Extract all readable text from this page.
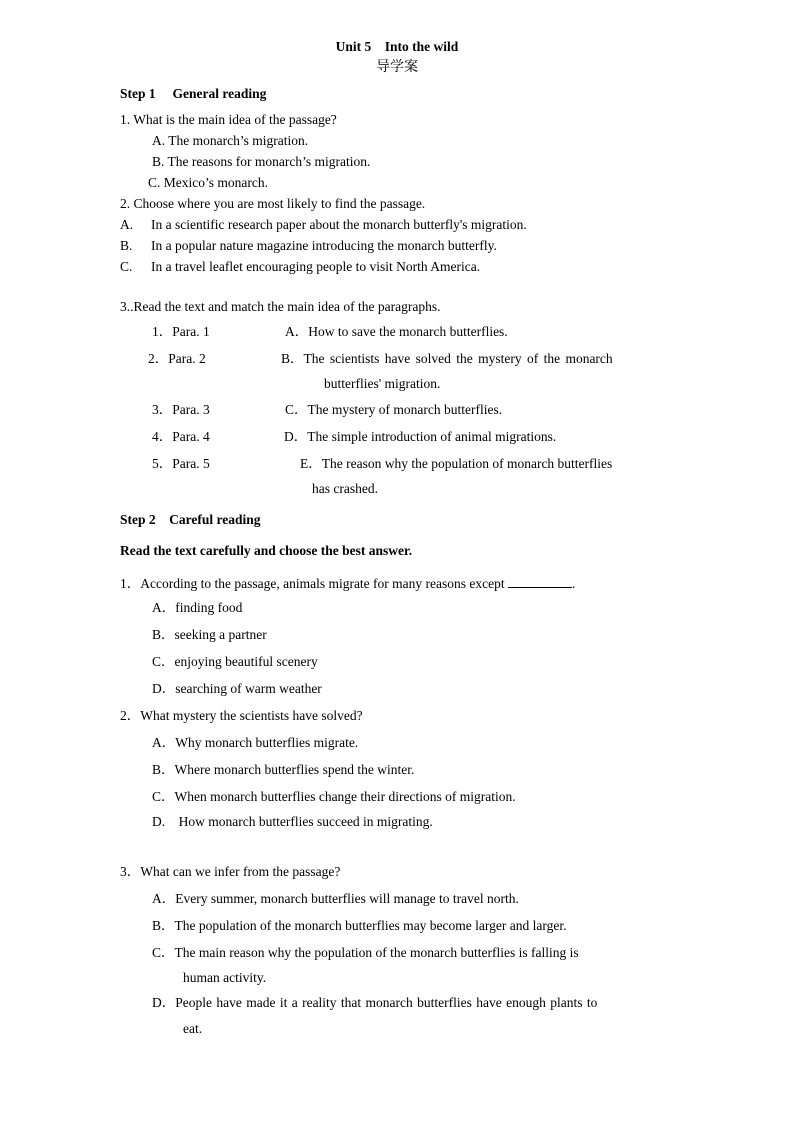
Unit 5　Into the wild
导学案
Step 1　 General reading
1. What is the main idea of the passage?
A. The monarch’s migration.
B. The reasons for monarch’s migration.
C. Mexico’s monarch.
2. Choose where you are most likely to find the passage.
A. In a scientific research paper about the monarch butterfly's migration.
B. In a popular nature magazine introducing the monarch butterfly.
C. In a travel leaflet encouraging people to visit North America.
3..Read the text and match the main idea of the paragraphs.
1．Para. 1	A．How to save the monarch butterflies.
2．Para. 2	B．The scientists have solved the mystery of the monarch
butterflies' migration.
3．Para. 3	C．The mystery of monarch butterflies.
4．Para. 4	D．The simple introduction of animal migrations.
5．Para. 5	E．The reason why the population of monarch butterflies
has crashed.
Step 2　Careful reading
Read the text carefully and choose the best answer.
1．According to the passage, animals migrate for many reasons except	.
A．finding food
B．seeking a partner
C．enjoying beautiful scenery
D．searching of warm weather
2．What mystery the scientists have solved?
A．Why monarch butterflies migrate.
B．Where monarch butterflies spend the winter.
C．When monarch butterflies change their directions of migration.
D.　How monarch butterflies succeed in migrating.
3．What can we infer from the passage?
A．Every summer, monarch butterflies will manage to travel north.
B．The population of the monarch butterflies may become larger and larger.
C．The main reason why the population of the monarch butterflies is falling is
human activity.
D．People have made it a reality that monarch butterflies have enough plants to
eat.
